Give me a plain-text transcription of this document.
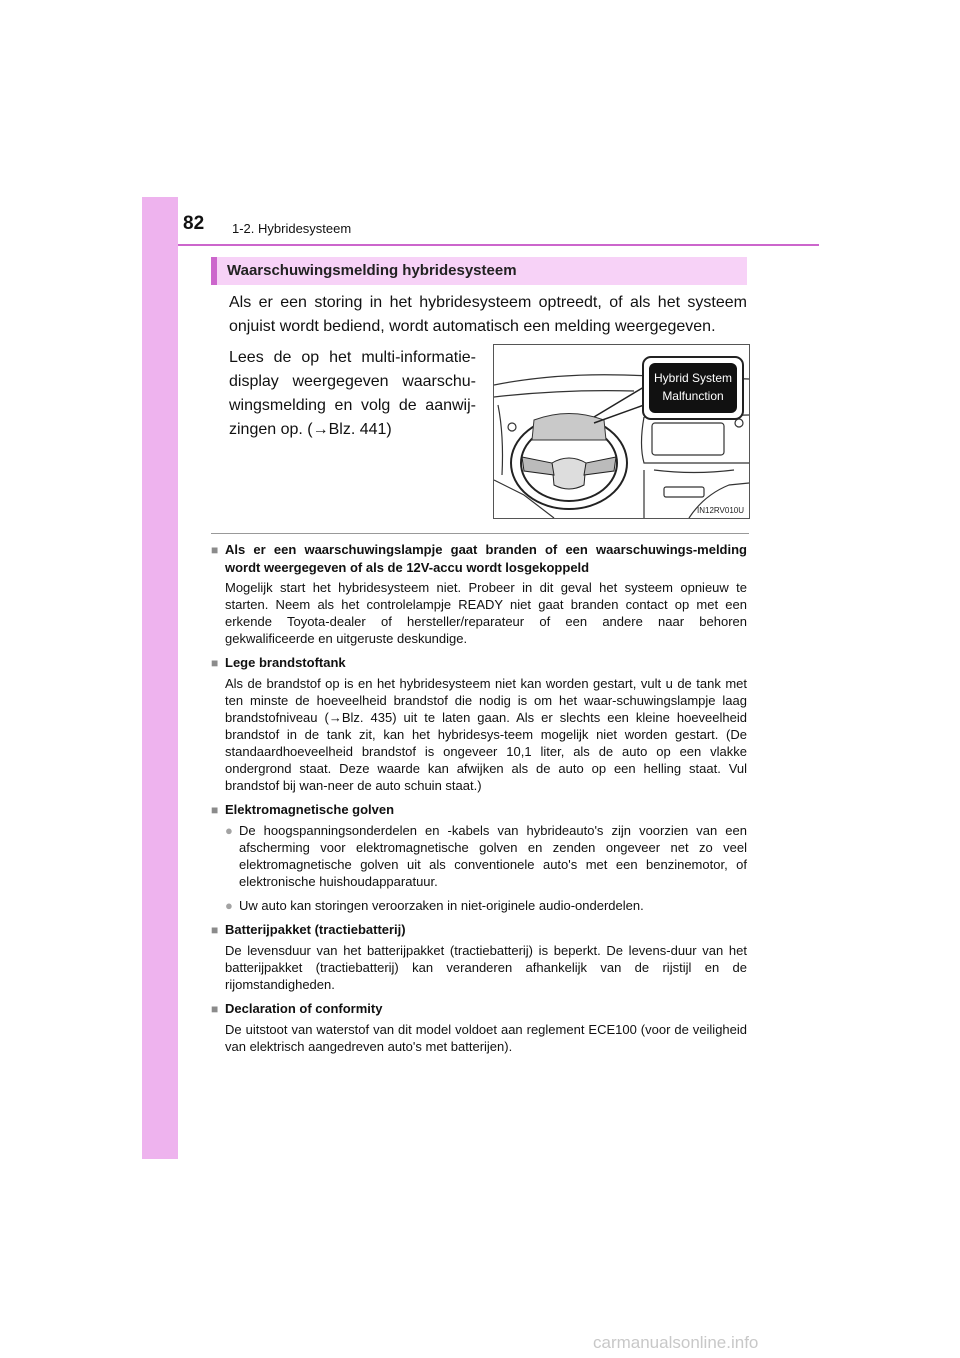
82 1-2. Hybridesysteem
Waarschuwingsmelding hybridesysteem

Als er een storing in het hybridesysteem optreedt, of als het systeem onjuist wordt bediend, wordt automatisch een melding weergegeven.

Lees de op het multi-informatie-display weergegeven waarschu-wingsmelding en volg de aanwij-zingen op. (→Blz. 441)

Hybrid System
Malfunction
IN12RV010U
■ Als er een waarschuwingslampje gaat branden of een waarschuwings-melding wordt weergegeven of als de 12V-accu wordt losgekoppeld

Mogelijk start het hybridesysteem niet. Probeer in dit geval het systeem opnieuw te starten. Neem als het controlelampje READY niet gaat branden contact op met een erkende Toyota-dealer of hersteller/reparateur of een andere naar behoren gekwalificeerde en uitgeruste deskundige.

■ Lege brandstoftank

Als de brandstof op is en het hybridesysteem niet kan worden gestart, vult u de tank met ten minste de hoeveelheid brandstof die nodig is om het waar-schuwingslampje laag brandstofniveau (→Blz. 435) uit te laten gaan. Als er slechts een kleine hoeveelheid brandstof in de tank zit, kan het hybridesys-teem mogelijk niet worden gestart. (De standaardhoeveelheid brandstof is ongeveer 10,1 liter, als de auto op een vlakke ondergrond staat. Deze waarde kan afwijken als de auto op een helling staat. Vul brandstof bij wan-neer de auto schuin staat.)

■ Elektromagnetische golven
● De hoogspanningsonderdelen en -kabels van hybrideauto's zijn voorzien van een afscherming voor elektromagnetische golven en zenden ongeveer net zo veel elektromagnetische golven uit als conventionele auto's met een benzinemotor, of elektronische huishoudapparatuur.
● Uw auto kan storingen veroorzaken in niet-originele audio-onderdelen.
■ Batterijpakket (tractiebatterij)

De levensduur van het batterijpakket (tractiebatterij) is beperkt. De levens-duur van het batterijpakket (tractiebatterij) kan veranderen afhankelijk van de rijstijl en de rijomstandigheden.

■ Declaration of conformity

De uitstoot van waterstof van dit model voldoet aan reglement ECE100 (voor de veiligheid van elektrisch aangedreven auto's met batterijen).

carmanualsonline.info
